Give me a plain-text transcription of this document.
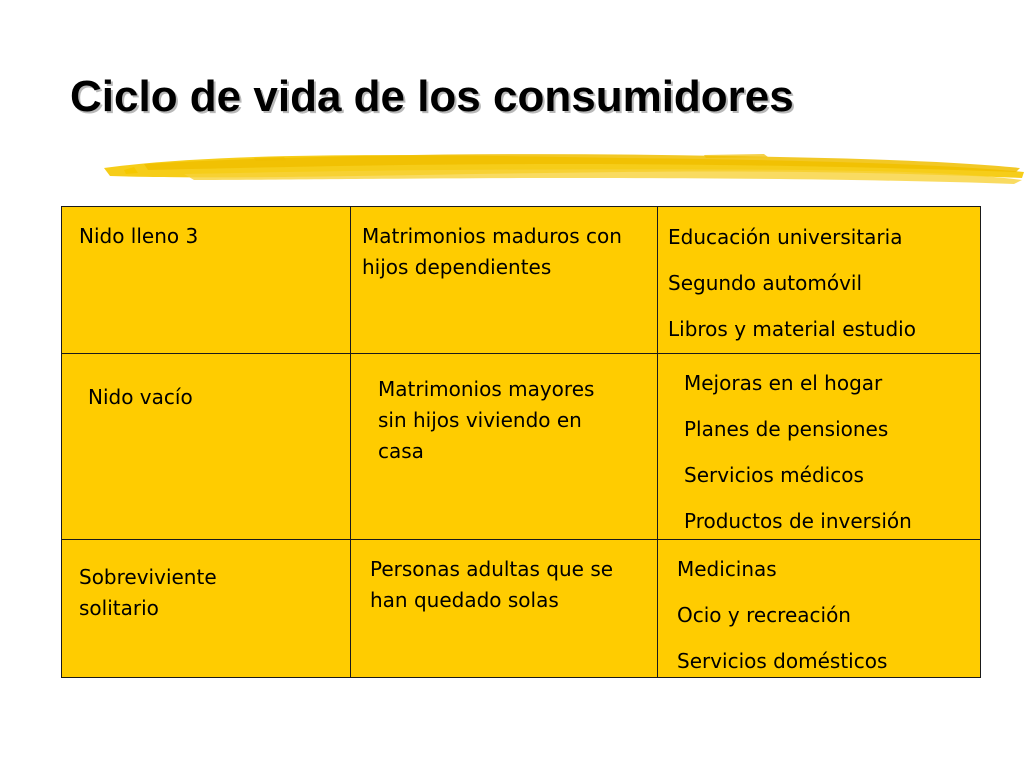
Ciclo de vida de los consumidores

Nido lleno 3	Matrimonios maduros con hijos dependientes	Educación universitaria
Segundo automóvil
Libros y material estudio

Nido vacío	Matrimonios mayores sin hijos viviendo en casa	Mejoras en el hogar
Planes de pensiones
Servicios médicos
Productos de inversión

Sobreviviente solitario	Personas adultas que se han quedado solas	Medicinas
Ocio y recreación
Servicios domésticos
